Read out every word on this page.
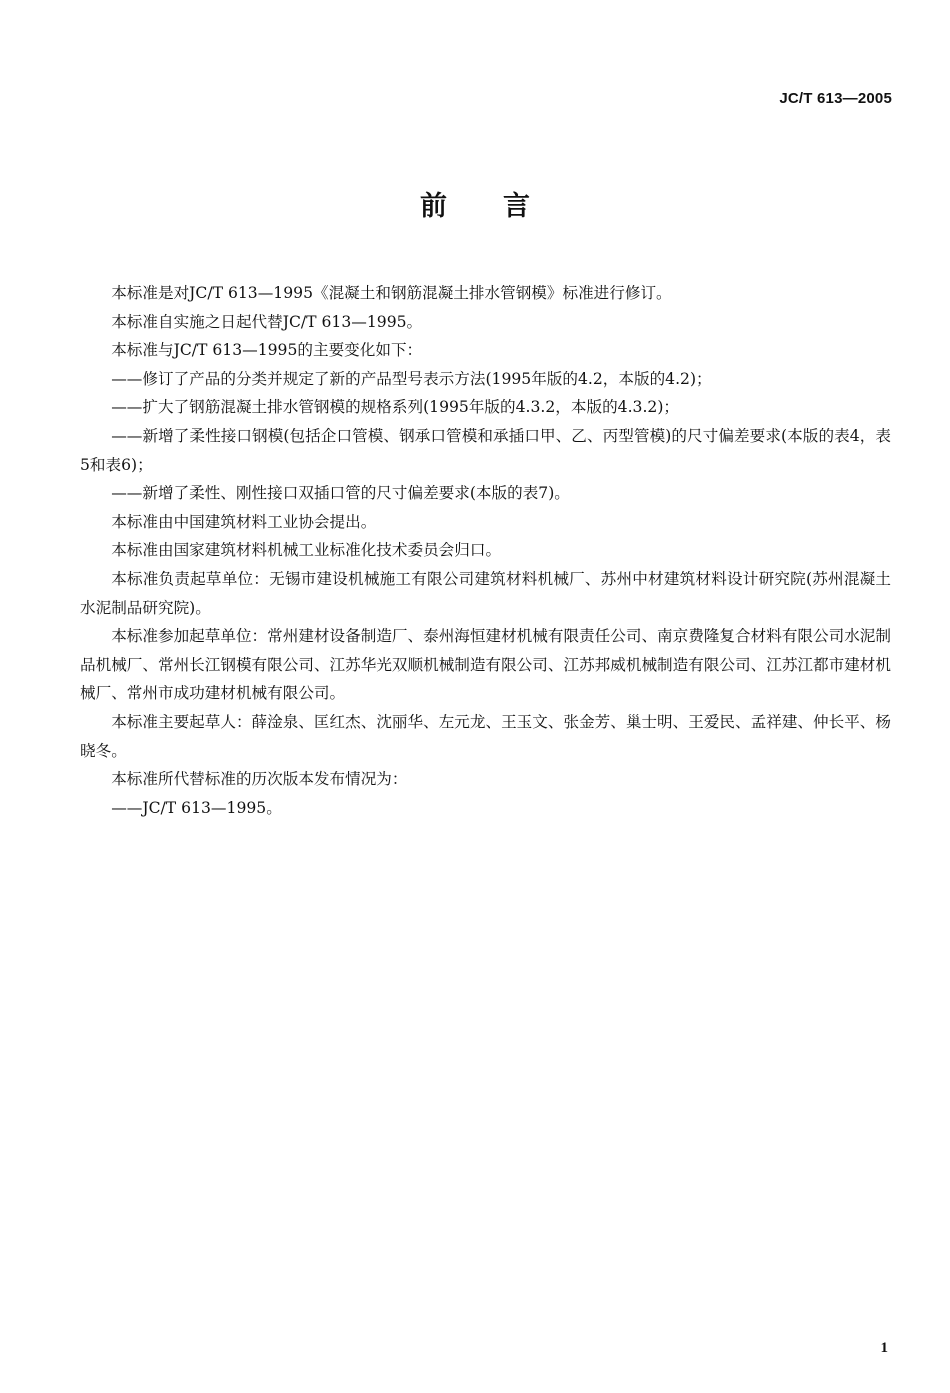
JC/T 613—2005

前言

本标准是对JC/T 613—1995《混凝土和钢筋混凝土排水管钢模》标准进行修订。

本标准自实施之日起代替JC/T 613—1995。

本标准与JC/T 613—1995的主要变化如下：

——修订了产品的分类并规定了新的产品型号表示方法(1995年版的4.2，本版的4.2)；

——扩大了钢筋混凝土排水管钢模的规格系列(1995年版的4.3.2，本版的4.3.2)；

——新增了柔性接口钢模(包括企口管模、钢承口管模和承插口甲、乙、丙型管模)的尺寸偏差要求(本版的表4，表5和表6)；

——新增了柔性、刚性接口双插口管的尺寸偏差要求(本版的表7)。

本标准由中国建筑材料工业协会提出。

本标准由国家建筑材料机械工业标准化技术委员会归口。

本标准负责起草单位：无锡市建设机械施工有限公司建筑材料机械厂、苏州中材建筑材料设计研究院(苏州混凝土水泥制品研究院)。

本标准参加起草单位：常州建材设备制造厂、泰州海恒建材机械有限责任公司、南京费隆复合材料有限公司水泥制品机械厂、常州长江钢模有限公司、江苏华光双顺机械制造有限公司、江苏邦威机械制造有限公司、江苏江都市建材机械厂、常州市成功建材机械有限公司。

本标准主要起草人：薛淦泉、匡红杰、沈丽华、左元龙、王玉文、张金芳、巢士明、王爱民、孟祥建、仲长平、杨晓冬。

本标准所代替标准的历次版本发布情况为：

——JC/T 613—1995。

1
